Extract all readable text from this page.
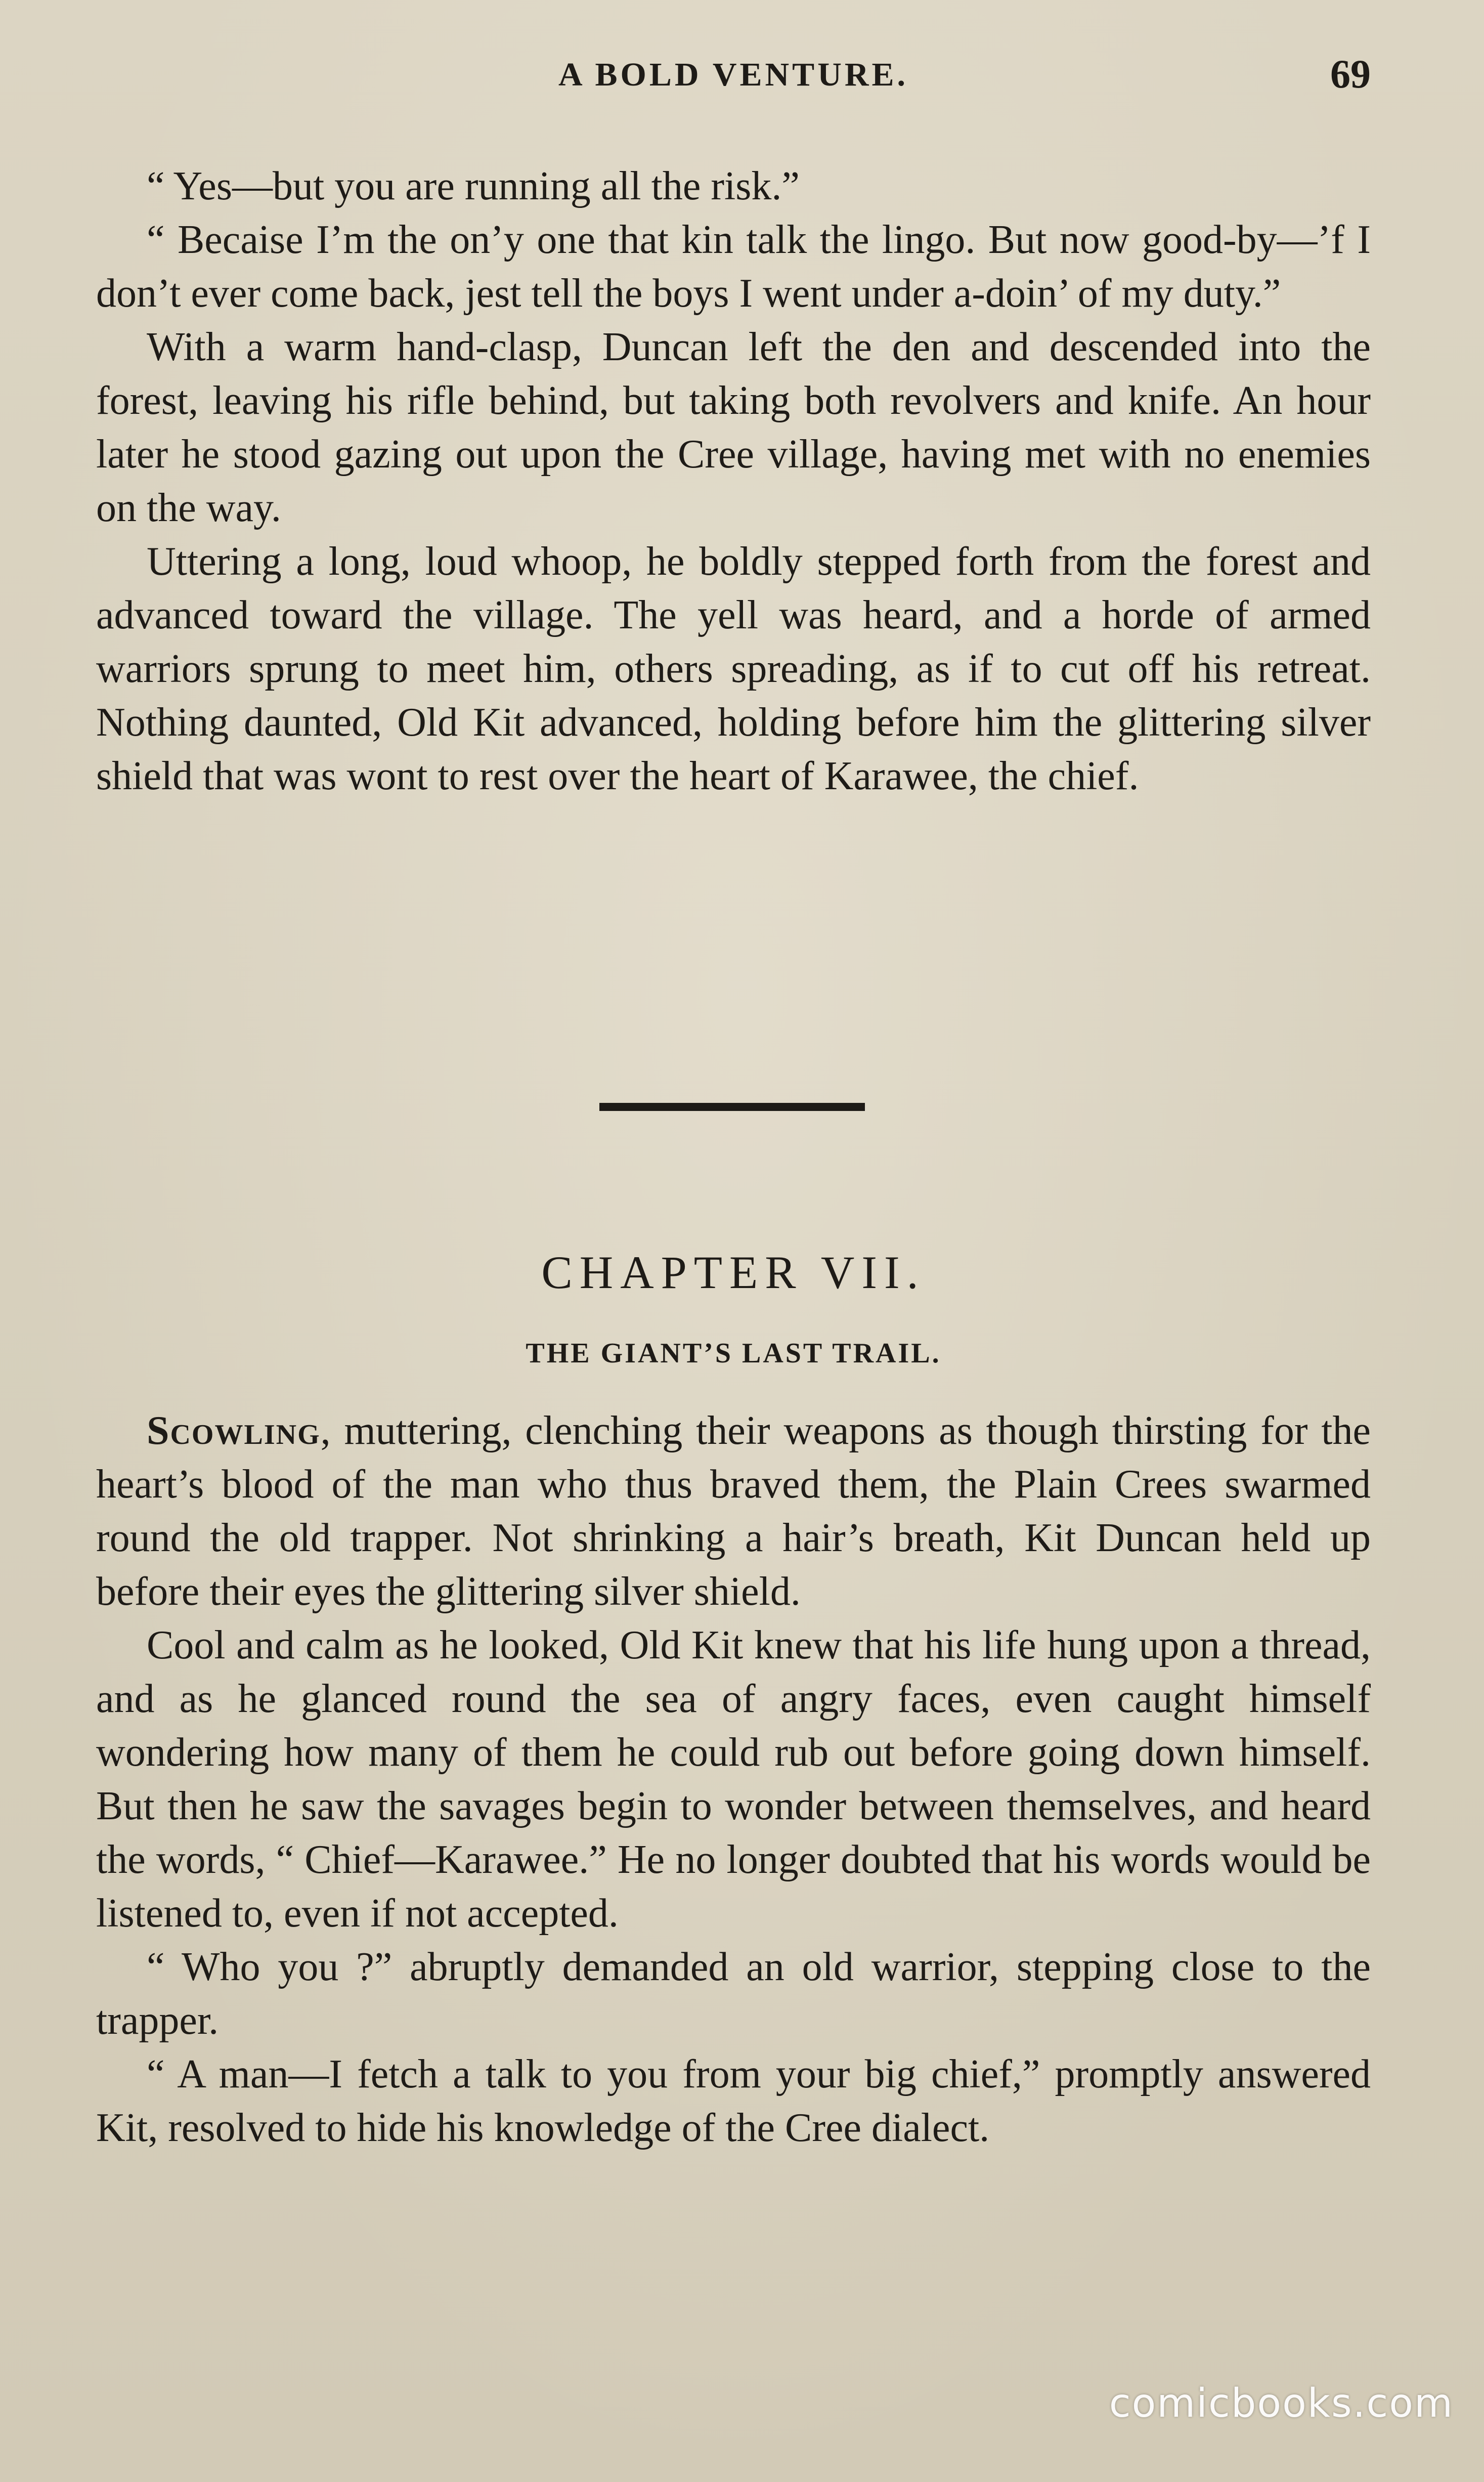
A BOLD VENTURE.	69

“ Yes—but you are running all the risk.”

“ Becaise I’m the on’y one that kin talk the lingo. But now good-by—’f I don’t ever come back, jest tell the boys I went under a-doin’ of my duty.”

With a warm hand-clasp, Duncan left the den and descended into the forest, leaving his rifle behind, but taking both revolvers and knife. An hour later he stood gazing out upon the Cree village, having met with no enemies on the way.

Uttering a long, loud whoop, he boldly stepped forth from the forest and advanced toward the village. The yell was heard, and a horde of armed warriors sprung to meet him, others spreading, as if to cut off his retreat. Nothing daunted, Old Kit advanced, holding before him the glittering silver shield that was wont to rest over the heart of Karawee, the chief.

CHAPTER VII.
THE GIANT’S LAST TRAIL.

Scowling, muttering, clenching their weapons as though thirsting for the heart’s blood of the man who thus braved them, the Plain Crees swarmed round the old trapper. Not shrinking a hair’s breath, Kit Duncan held up before their eyes the glittering silver shield.

Cool and calm as he looked, Old Kit knew that his life hung upon a thread, and as he glanced round the sea of angry faces, even caught himself wondering how many of them he could rub out before going down himself. But then he saw the savages begin to wonder between themselves, and heard the words, “ Chief—Karawee.” He no longer doubted that his words would be listened to, even if not accepted.

“ Who you ?” abruptly demanded an old warrior, stepping close to the trapper.

“ A man—I fetch a talk to you from your big chief,” promptly answered Kit, resolved to hide his knowledge of the Cree dialect.

comicbooks.com
